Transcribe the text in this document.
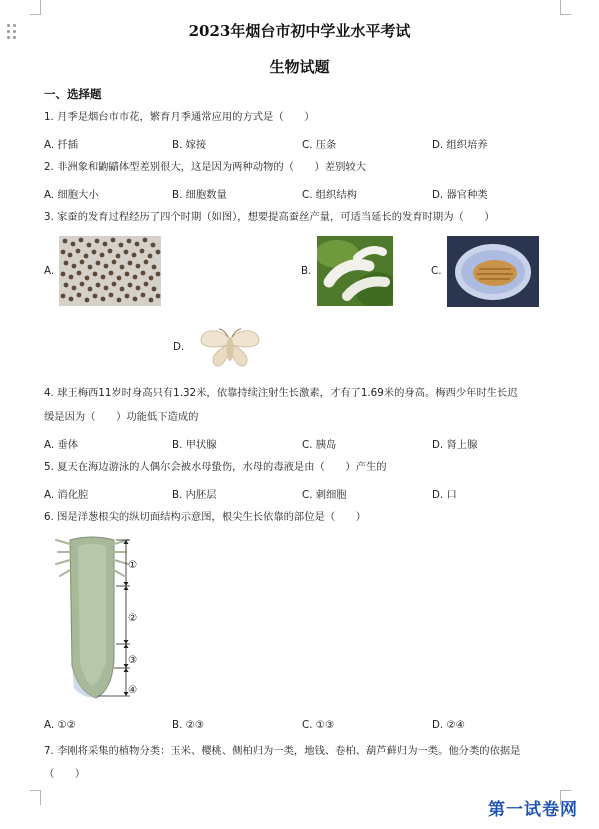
2023年烟台市初中学业水平考试
生物试题
一、选择题
1. 月季是烟台市市花，繁育月季通常应用的方式是（　　）
A. 扦插	B. 嫁接	C. 压条	D. 组织培养
2. 非洲象和鼩鼱体型差别很大，这是因为两种动物的（　　）差别较大
A. 细胞大小	B. 细胞数量	C. 组织结构	D. 器官种类
3. 家蚕的发育过程经历了四个时期（如图），想要提高蚕丝产量，可适当延长的发育时期为（　　）
A.	B.	C.
D.
4. 球王梅西11岁时身高只有1.32米，依靠持续注射生长激素，才有了1.69米的身高。梅西少年时生长迟
缓是因为（　　）功能低下造成的
A. 垂体	B. 甲状腺	C. 胰岛	D. 肾上腺
5. 夏天在海边游泳的人偶尔会被水母蛰伤，水母的毒液是由（　　）产生的
A. 消化腔	B. 内胚层	C. 刺细胞	D. 口
6. 图是洋葱根尖的纵切面结构示意图，根尖生长依靠的部位是（　　）
①
②
③
④
A. ①②	B. ②③	C. ①③	D. ②④
7. 李刚将采集的植物分类：玉米、樱桃、侧柏归为一类，地钱、卷柏、葫芦藓归为一类。他分类的依据是
（　　）
第一试卷网
